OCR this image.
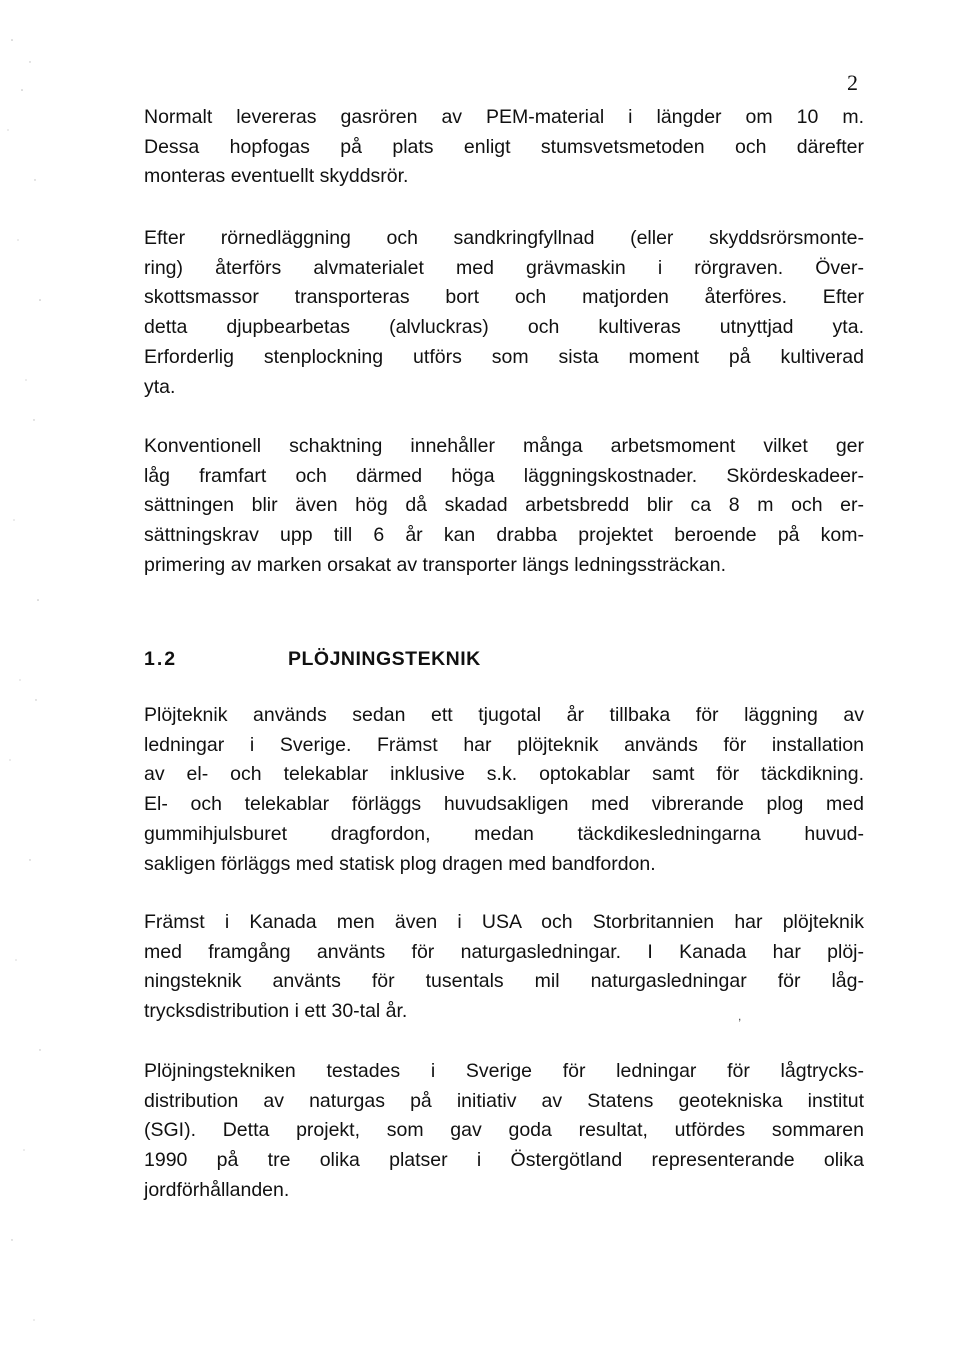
2
Normalt levereras gasrören av PEM-material i längder om 10 m.
Dessa hopfogas på plats enligt stumsvetsmetoden och därefter
monteras eventuellt skyddsrör.
Efter rörnedläggning och sandkringfyllnad (eller skyddsrörsmonte-
ring) återförs alvmaterialet med grävmaskin i rörgraven. Över-
skottsmassor transporteras bort och matjorden återföres. Efter
detta djupbearbetas (alvluckras) och kultiveras utnyttjad yta.
Erforderlig stenplockning utförs som sista moment på kultiverad
yta.
Konventionell schaktning innehåller många arbetsmoment vilket ger
låg framfart och därmed höga läggningskostnader. Skördeskadeer-
sättningen blir även hög då skadad arbetsbredd blir ca 8 m och er-
sättningskrav upp till 6 år kan drabba projektet beroende på kom-
primering av marken orsakat av transporter längs ledningssträckan.
1.2	PLÖJNINGSTEKNIK
Plöjteknik används sedan ett tjugotal år tillbaka för läggning av
ledningar i Sverige. Främst har plöjteknik används för installation
av el- och telekablar inklusive s.k. optokablar samt för täckdikning.
El- och telekablar förläggs huvudsakligen med vibrerande plog med
gummihjulsburet dragfordon, medan täckdikesledningarna huvud-
sakligen förläggs med statisk plog dragen med bandfordon.
Främst i Kanada men även i USA och Storbritannien har plöjteknik
med framgång använts för naturgasledningar. I Kanada har plöj-
ningsteknik använts för tusentals mil naturgasledningar för låg-
trycksdistribution i ett 30-tal år.	,
Plöjningstekniken testades i Sverige för ledningar för lågtrycks-
distribution av naturgas på initiativ av Statens geotekniska institut
(SGI). Detta projekt, som gav goda resultat, utfördes sommaren
1990 på tre olika platser i Östergötland representerande olika
jordförhållanden.
